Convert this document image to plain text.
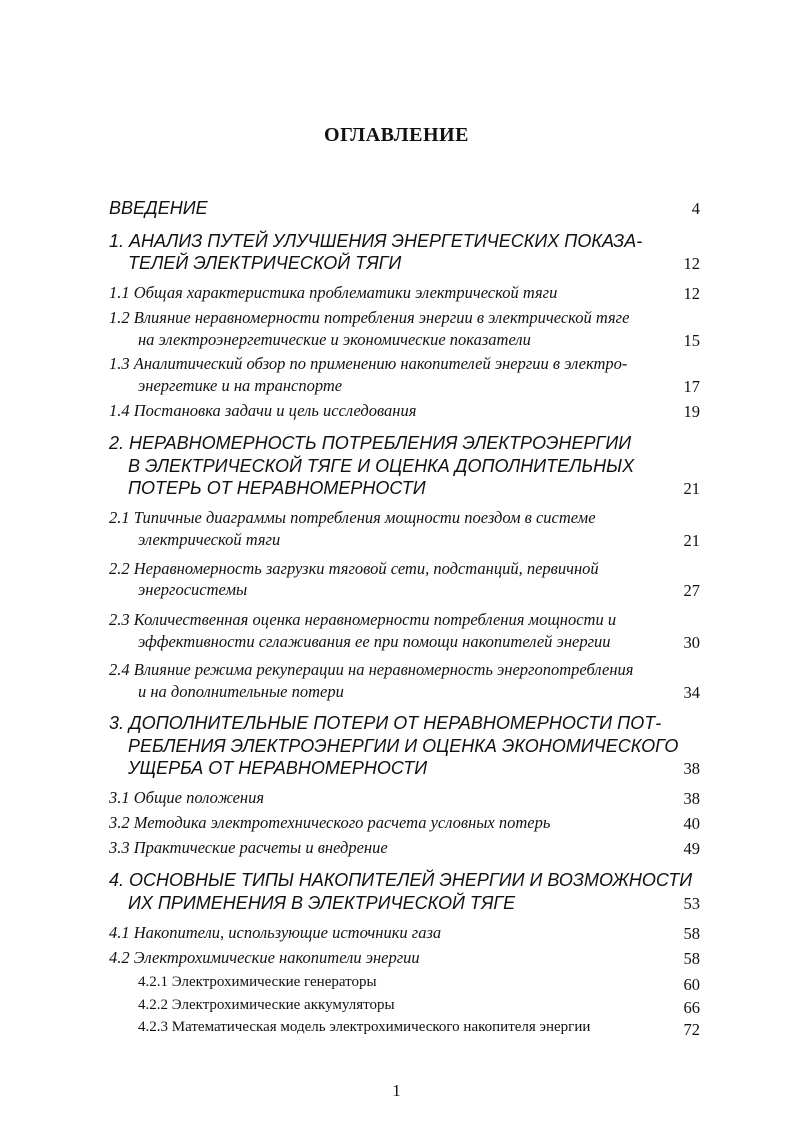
ОГЛАВЛЕНИЕ
ВВЕДЕНИЕ	4
1. АНАЛИЗ ПУТЕЙ УЛУЧШЕНИЯ ЭНЕРГЕТИЧЕСКИХ ПОКАЗА-
ТЕЛЕЙ ЭЛЕКТРИЧЕСКОЙ ТЯГИ	12
1.1 Общая характеристика проблематики электрической тяги	12
1.2 Влияние неравномерности потребления энергии в электрической тяге
на электроэнергетические и экономические показатели	15
1.3 Аналитический обзор по применению накопителей энергии в электро-
энергетике и на транспорте	17
1.4 Постановка задачи и цель исследования	19
2. НЕРАВНОМЕРНОСТЬ ПОТРЕБЛЕНИЯ ЭЛЕКТРОЭНЕРГИИ
В ЭЛЕКТРИЧЕСКОЙ ТЯГЕ И ОЦЕНКА ДОПОЛНИТЕЛЬНЫХ
ПОТЕРЬ ОТ НЕРАВНОМЕРНОСТИ	21
2.1 Типичные диаграммы потребления мощности поездом в системе
электрической тяги	21
2.2 Неравномерность загрузки тяговой сети, подстанций, первичной
энергосистемы	27
2.3 Количественная оценка неравномерности потребления мощности и
эффективности сглаживания ее при помощи накопителей энергии	30
2.4 Влияние режима рекуперации на неравномерность энергопотребления
и на дополнительные потери	34
3. ДОПОЛНИТЕЛЬНЫЕ ПОТЕРИ ОТ НЕРАВНОМЕРНОСТИ ПОТ-
РЕБЛЕНИЯ ЭЛЕКТРОЭНЕРГИИ И ОЦЕНКА ЭКОНОМИЧЕСКОГО
УЩЕРБА ОТ НЕРАВНОМЕРНОСТИ	38
3.1 Общие положения	38
3.2 Методика электротехнического расчета условных потерь	40
3.3 Практические расчеты и внедрение	49
4. ОСНОВНЫЕ ТИПЫ НАКОПИТЕЛЕЙ ЭНЕРГИИ И ВОЗМОЖНОСТИ
ИХ ПРИМЕНЕНИЯ В ЭЛЕКТРИЧЕСКОЙ ТЯГЕ	53
4.1 Накопители, использующие источники газа	58
4.2 Электрохимические накопители энергии	58
4.2.1 Электрохимические генераторы	60
4.2.2 Электрохимические аккумуляторы	66
4.2.3 Математическая модель электрохимического накопителя энергии	72
1
